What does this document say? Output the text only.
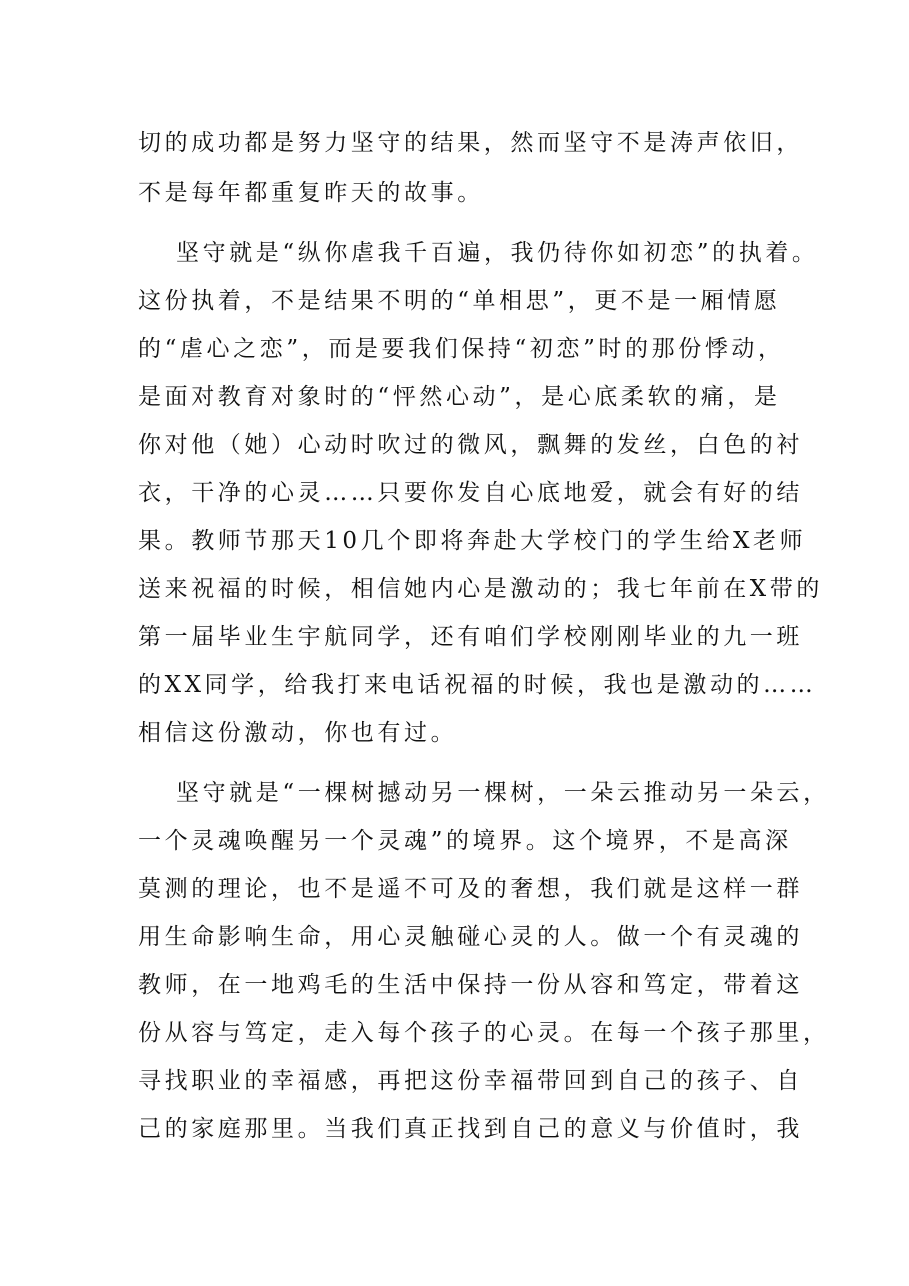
切的成功都是努力坚守的结果，然而坚守不是涛声依旧，
不是每年都重复昨天的故事。
坚守就是“纵你虐我千百遍，我仍待你如初恋”的执着。
这份执着，不是结果不明的“单相思”，更不是一厢情愿
的“虐心之恋”，而是要我们保持“初恋”时的那份悸动，
是面对教育对象时的“怦然心动”，是心底柔软的痛，是
你对他（她）心动时吹过的微风，飘舞的发丝，白色的衬
衣，干净的心灵……只要你发自心底地爱，就会有好的结
果。教师节那天10几个即将奔赴大学校门的学生给X老师
送来祝福的时候，相信她内心是激动的；我七年前在X带的
第一届毕业生宇航同学，还有咱们学校刚刚毕业的九一班
的XX同学，给我打来电话祝福的时候，我也是激动的……
相信这份激动，你也有过。
坚守就是“一棵树撼动另一棵树，一朵云推动另一朵云，
一个灵魂唤醒另一个灵魂”的境界。这个境界，不是高深
莫测的理论，也不是遥不可及的奢想，我们就是这样一群
用生命影响生命，用心灵触碰心灵的人。做一个有灵魂的
教师，在一地鸡毛的生活中保持一份从容和笃定，带着这
份从容与笃定，走入每个孩子的心灵。在每一个孩子那里，
寻找职业的幸福感，再把这份幸福带回到自己的孩子、自
己的家庭那里。当我们真正找到自己的意义与价值时，我
